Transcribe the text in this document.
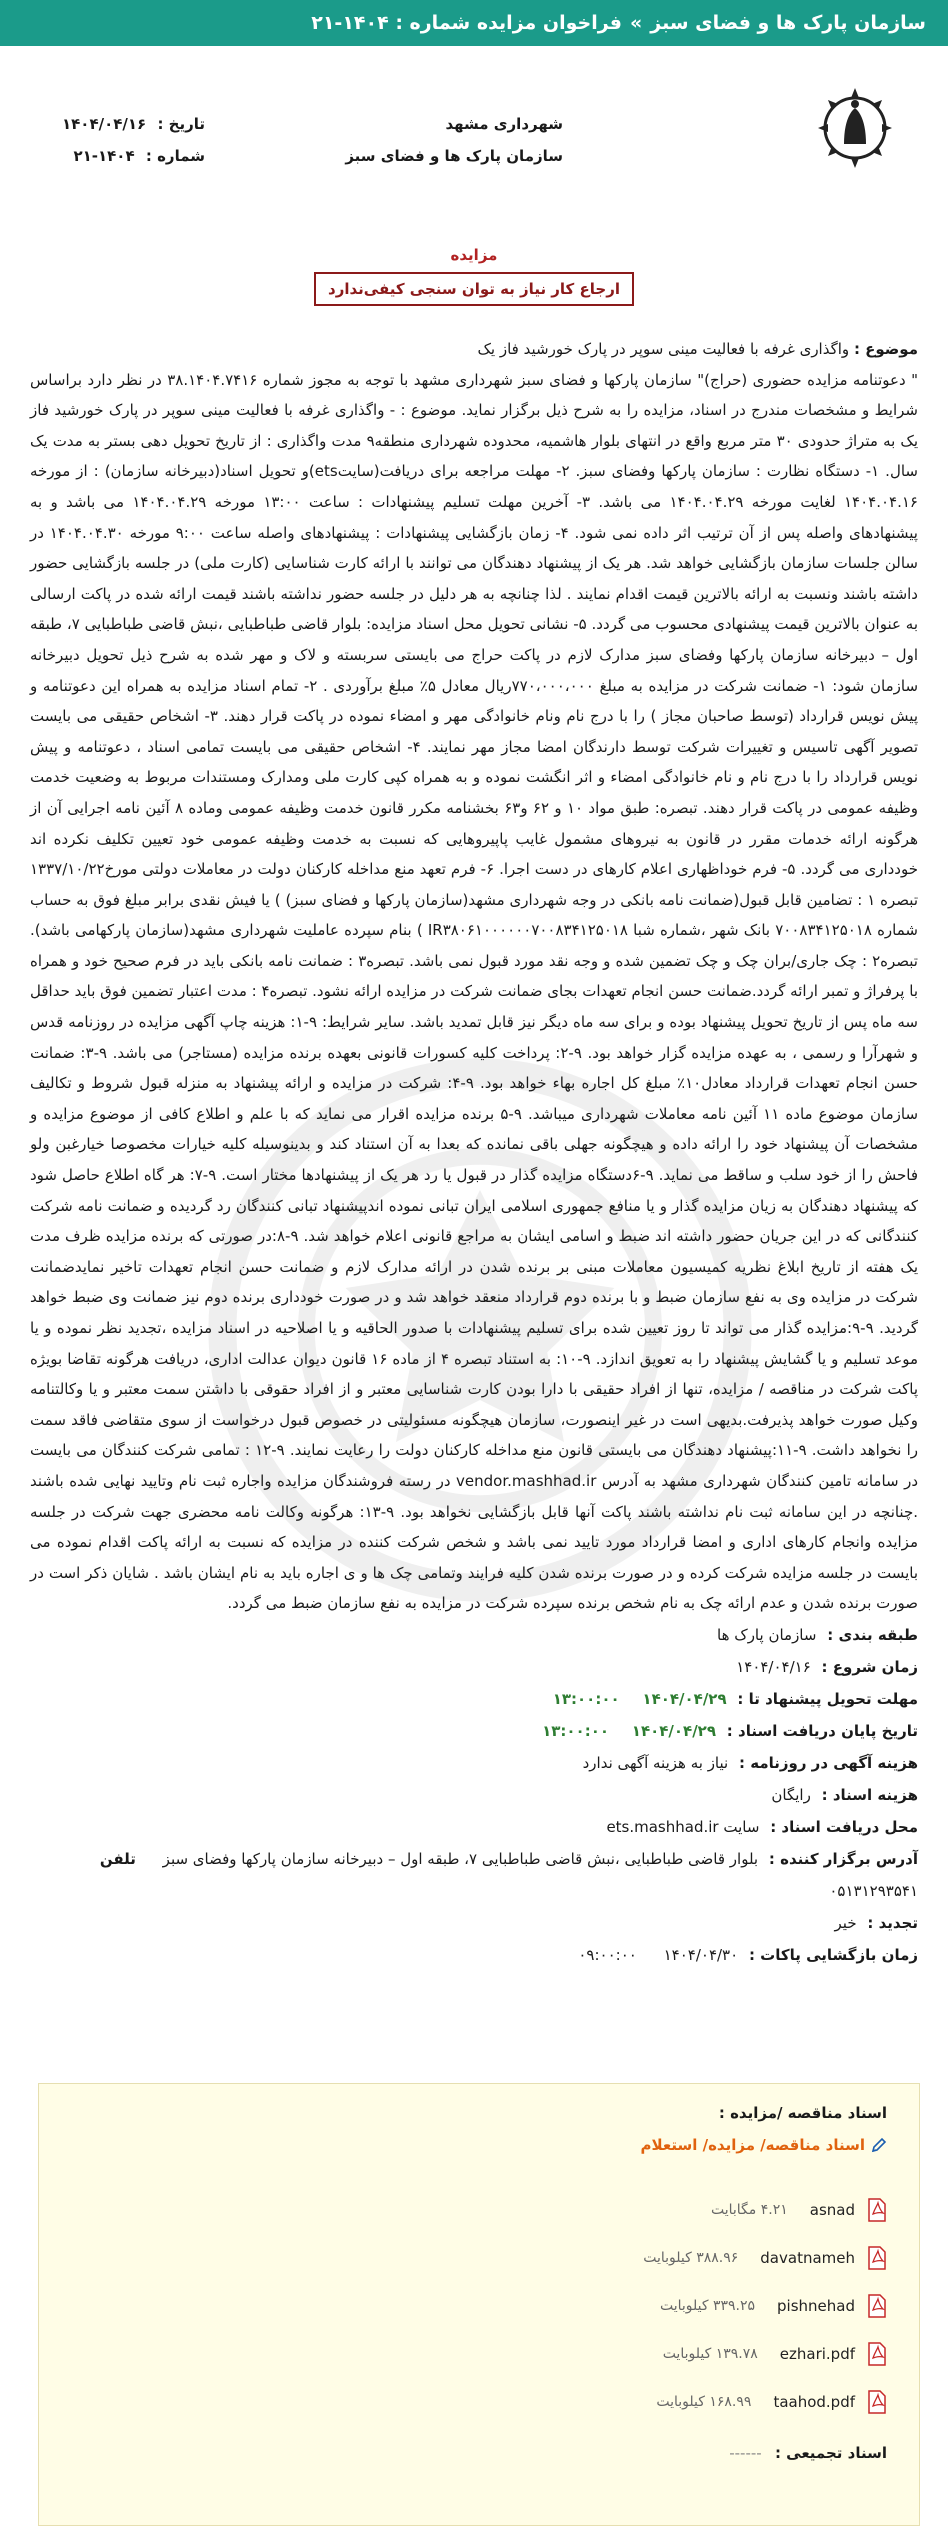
سازمان پارک ها و فضای سبز
»
فراخوان مزایده شماره : ۱۴۰۴-۲۱
شهرداری مشهد
سازمان پارک ها و فضای سبز
تاریخ : ۱۴۰۴/۰۴/۱۶
شماره : ۱۴۰۴-۲۱
مزایده
ارجاع کار نیاز به توان سنجی کیفی‌ندارد
موضوع : واگذاری غرفه با فعالیت مینی سوپر در پارک خورشید فاز یک
" دعوتنامه مزایده حضوری (حراج)" سازمان پارکها و فضای سبز شهرداری مشهد با توجه به مجوز شماره ۳۸.۱۴۰۴.۷۴۱۶ در نظر دارد براساس شرایط و مشخصات مندرج در اسناد، مزایده را به شرح ذیل برگزار نماید. موضوع : - واگذاری غرفه با فعالیت مینی سوپر در پارک خورشید فاز یک به متراژ حدودی ۳۰ متر مربع واقع در انتهای بلوار هاشمیه، محدوده شهرداری منطقه۹ مدت واگذاری : از تاریخ تحویل دهی بستر به مدت یک سال. ۱- دستگاه نظارت : سازمان پارکها وفضای سبز. ۲- مهلت مراجعه برای دریافت(سایتets)و تحویل اسناد(دبیرخانه سازمان) : از مورخه ۱۴۰۴.۰۴.۱۶ لغایت مورخه ۱۴۰۴.۰۴.۲۹ می باشد. ۳- آخرین مهلت تسلیم پیشنهادات : ساعت ۱۳:۰۰ مورخه ۱۴۰۴.۰۴.۲۹ می باشد و به پیشنهادهای واصله پس از آن ترتیب اثر داده نمی شود. ۴- زمان بازگشایی پیشنهادات : پیشنهادهای واصله ساعت ۹:۰۰ مورخه ۱۴۰۴.۰۴.۳۰ در سالن جلسات سازمان بازگشایی خواهد شد. هر یک از پیشنهاد دهندگان می توانند با ارائه کارت شناسایی (کارت ملی) در جلسه بازگشایی حضور داشته باشند ونسبت به ارائه بالاترین قیمت اقدام نمایند . لذا چنانچه به هر دلیل در جلسه حضور نداشته باشند قیمت ارائه شده در پاکت ارسالی به عنوان بالاترین قیمت پیشنهادی محسوب می گردد. ۵- نشانی تحویل محل اسناد مزایده: بلوار قاضی طباطبایی ،نبش قاضی طباطبایی ۷، طبقه اول – دبیرخانه سازمان پارکها وفضای سبز مدارک لازم در پاکت حراج می بایستی سربسته و لاک و مهر شده به شرح ذیل تحویل دبیرخانه سازمان شود: ۱- ضمانت شرکت در مزایده به مبلغ ۷۷۰،۰۰۰،۰۰۰ریال معادل ۵٪ مبلغ برآوردی . ۲- تمام اسناد مزایده به همراه این دعوتنامه و پیش نویس قرارداد (توسط صاحبان مجاز ) را با درج نام ونام خانوادگی مهر و امضاء نموده در پاکت قرار دهند. ۳- اشخاص حقیقی می بایست تصویر آگهی تاسیس و تغییرات شرکت توسط دارندگان امضا مجاز مهر نمایند. ۴- اشخاص حقیقی می بایست تمامی اسناد ، دعوتنامه و پیش نویس قرارداد را با درج نام و نام خانوادگی امضاء و اثر انگشت نموده و به همراه کپی کارت ملی ومدارک ومستندات مربوط به وضعیت خدمت وظیفه عمومی در پاکت قرار دهند. تبصره: طبق مواد ۱۰ و ۶۲ و۶۳ بخشنامه مکرر قانون خدمت وظیفه عمومی وماده ۸ آئین نامه اجرایی آن از هرگونه ارائه خدمات مقرر در قانون به نیروهای مشمول غایب پاپیروهایی که نسبت به خدمت وظیفه عمومی خود تعیین تکلیف نکرده اند خودداری می گردد. ۵- فرم خوداظهاری اعلام کارهای در دست اجرا. ۶- فرم تعهد منع مداخله کارکنان دولت در معاملات دولتی مورخ۱۳۳۷/۱۰/۲۲ تبصره ۱ : تضامین قابل قبول(ضمانت نامه بانکی در وجه شهرداری مشهد(سازمان پارکها و فضای سبز) ) یا فیش نقدی برابر مبلغ فوق به حساب شماره ۷۰۰۸۳۴۱۲۵۰۱۸ بانک شهر ،شماره شبا IR۳۸۰۶۱۰۰۰۰۰۰۷۰۰۸۳۴۱۲۵۰۱۸ ) بنام سپرده عاملیت شهرداری مشهد(سازمان پارکهامی باشد). تبصره۲ : چک جاری/بران چک و چک تضمین شده و وجه نقد مورد قبول نمی باشد. تبصره۳ : ضمانت نامه بانکی باید در فرم صحیح خود و همراه با پرفراژ و تمبر ارائه گردد.ضمانت حسن انجام تعهدات بجای ضمانت شرکت در مزایده ارائه نشود. تبصره۴ : مدت اعتبار تضمین فوق باید حداقل سه ماه پس از تاریخ تحویل پیشنهاد بوده و برای سه ماه دیگر نیز قابل تمدید باشد. سایر شرایط: ۹-۱: هزینه چاپ آگهی مزایده در روزنامه قدس و شهرآرا و رسمی ، به عهده مزایده گزار خواهد بود. ۹-۲: پرداخت کلیه کسورات قانونی بعهده برنده مزایده (مستاجر) می باشد. ۹-۳: ضمانت حسن انجام تعهدات قرارداد معادل۱۰٪ مبلغ کل اجاره بهاء خواهد بود. ۹-۴: شرکت در مزایده و ارائه پیشنهاد به منزله قبول شروط و تکالیف سازمان موضوع ماده ۱۱ آئین نامه معاملات شهرداری میباشد. ۹-۵ برنده مزایده اقرار می نماید که با علم و اطلاع کافی از موضوع مزایده و مشخصات آن پیشنهاد خود را ارائه داده و هیچگونه جهلی باقی نمانده که بعدا به آن استناد کند و بدینوسیله کلیه خیارات مخصوصا خیارغبن ولو فاحش را از خود سلب و ساقط می نماید. ۹-۶دستگاه مزایده گذار در قبول یا رد هر یک از پیشنهادها مختار است. ۹-۷: هر گاه اطلاع حاصل شود که پیشنهاد دهندگان به زیان مزایده گذار و یا منافع جمهوری اسلامی ایران تبانی نموده اندپیشنهاد تبانی کنندگان رد گردیده و ضمانت نامه شرکت کنندگانی که در این جریان حضور داشته اند ضبط و اسامی ایشان به مراجع قانونی اعلام خواهد شد. ۹-۸:در صورتی که برنده مزایده ظرف مدت یک هفته از تاریخ ابلاغ نظریه کمیسیون معاملات مبنی بر برنده شدن در ارائه مدارک لازم و ضمانت حسن انجام تعهدات تاخیر نمایدضمانت شرکت در مزایده وی به نفع سازمان ضبط و با برنده دوم قرارداد منعقد خواهد شد و در صورت خودداری برنده دوم نیز ضمانت وی ضبط خواهد گردید. ۹-۹:مزایده گذار می تواند تا روز تعیین شده برای تسلیم پیشنهادات با صدور الحاقیه و یا اصلاحیه در اسناد مزایده ،تجدید نظر نموده و یا موعد تسلیم و یا گشایش پیشنهاد را به تعویق اندازد. ۹-۱۰: به استناد تبصره ۴ از ماده ۱۶ قانون دیوان عدالت اداری، دریافت هرگونه تقاضا بویژه پاکت شرکت در مناقصه / مزایده، تنها از افراد حقیقی با دارا بودن کارت شناسایی معتبر و از افراد حقوقی با داشتن سمت معتبر و یا وکالتنامه وکیل صورت خواهد پذیرفت.بدیهی است در غیر اینصورت، سازمان هیچگونه مسئولیتی در خصوص قبول درخواست از سوی متقاضی فاقد سمت را نخواهد داشت. ۹-۱۱:پیشنهاد دهندگان می بایستی قانون منع مداخله کارکنان دولت را رعایت نمایند. ۹-۱۲ : تمامی شرکت کنندگان می بایست در سامانه تامین کنندگان شهرداری مشهد به آدرس vendor.mashhad.ir در رسته فروشندگان مزایده واجاره ثبت نام وتایید نهایی شده باشند .چنانچه در این سامانه ثبت نام نداشته باشند پاکت آنها قابل بازگشایی نخواهد بود. ۹-۱۳: هرگونه وکالت نامه محضری جهت شرکت در جلسه مزایده وانجام کارهای اداری و امضا قرارداد مورد تایید نمی باشد و شخص شرکت کننده در مزایده که نسبت به ارائه پاکت اقدام نموده می بایست در جلسه مزایده شرکت کرده و در صورت برنده شدن کلیه فرایند وتمامی چک ها و ی اجاره باید به نام ایشان باشد . شایان ذکر است در صورت برنده شدن و عدم ارائه چک به نام شخص برنده سپرده شرکت در مزایده به نفع سازمان ضبط می گردد.
طبقه بندی : سازمان پارک ها
زمان شروع : ۱۴۰۴/۰۴/۱۶
مهلت تحویل پیشنهاد تا : ۱۴۰۴/۰۴/۲۹ ۱۳:۰۰:۰۰
تاریخ پایان دریافت اسناد : ۱۴۰۴/۰۴/۲۹ ۱۳:۰۰:۰۰
هزینه آگهی در روزنامه : نیاز به هزینه آگهی ندارد
هزینه اسناد : رایگان
محل دریافت اسناد : سایت ets.mashhad.ir
آدرس برگزار کننده : بلوار قاضی طباطبایی ،نبش قاضی طباطبایی ۷، طبقه اول – دبیرخانه سازمان پارکها وفضای سبز تلفن
۰۵۱۳۱۲۹۳۵۴۱
تجدید : خیر
زمان بازگشایی پاکات : ۱۴۰۴/۰۴/۳۰ ۰۹:۰۰:۰۰
اسناد مناقصه /مزایده :
اسناد مناقصه/ مزایده/ استعلام
asnad
۴.۲۱ مگابایت
davatnameh
۳۸۸.۹۶ کیلوبایت
pishnehad
۳۳۹.۲۵ کیلوبایت
ezhari.pdf
۱۳۹.۷۸ کیلوبایت
taahod.pdf
۱۶۸.۹۹ کیلوبایت
اسناد تجمیعی : ------
